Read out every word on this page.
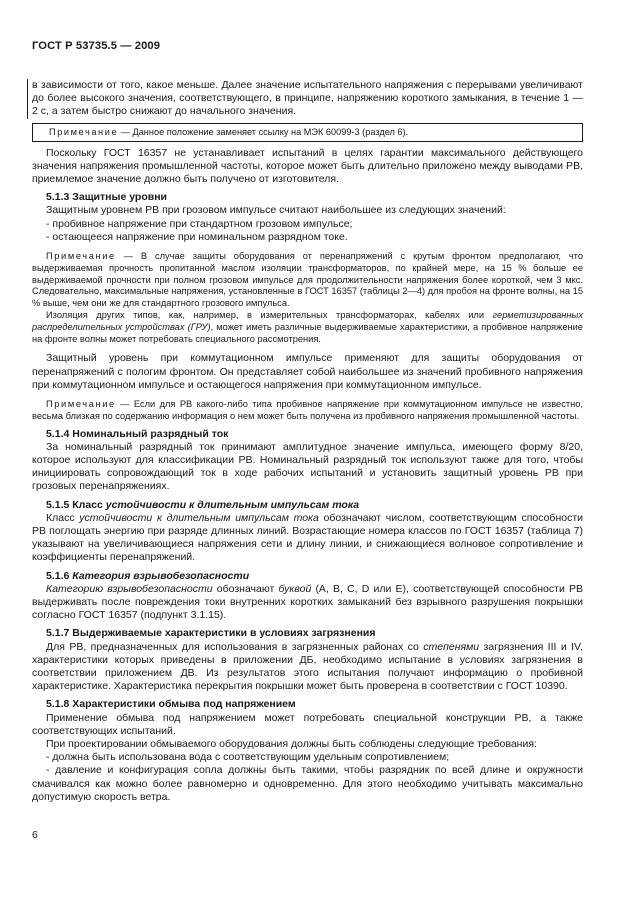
ГОСТ Р 53735.5 — 2009

в зависимости от того, какое меньше. Далее значение испытательного напряжения с перерывами увеличивают до более высокого значения, соответствующего, в принципе, напряжению короткого замыкания, в течение 1 — 2 с, а затем быстро снижают до начального значения.

Примечание — Данное положение заменяет ссылку на МЭК 60099-3 (раздел 6).

Поскольку ГОСТ 16357 не устанавливает испытаний в целях гарантии максимального действующего значения напряжения промышленной частоты, которое может быть длительно приложено между выводами РВ, приемлемое значение должно быть получено от изготовителя.

5.1.3 Защитные уровни

Защитным уровнем РВ при грозовом импульсе считают наибольшее из следующих значений:

- пробивное напряжение при стандартном грозовом импульсе;

- остающееся напряжение при номинальном разрядном токе.

Примечание — В случае защиты оборудования от перенапряжений с крутым фронтом предполагают, что выдерживаемая прочность пропитанной маслом изоляции трансформаторов, по крайней мере, на 15 % больше ее выдерживаемой прочности при полном грозовом импульсе для продолжительности напряжения более короткой, чем 3 мкс. Следовательно, максимальные напряжения, установленные в ГОСТ 16357 (таблицы 2—4) для пробоя на фронте волны, на 15 % выше, чем они же для стандартного грозового импульса.

Изоляция других типов, как, например, в измерительных трансформаторах, кабелях или герметизированных распределительных устройствах (ГРУ), может иметь различные выдерживаемые характеристики, а пробивное напряжение на фронте волны может потребовать специального рассмотрения.

Защитный уровень при коммутационном импульсе применяют для защиты оборудования от перенапряжений с пологим фронтом. Он представляет собой наибольшее из значений пробивного напряжения при коммутационном импульсе и остающегося напряжения при коммутационном импульсе.

Примечание — Если для РВ какого-либо типа пробивное напряжение при коммутационном импульсе не известно, весьма близкая по содержанию информация о нем может быть получена из пробивного напряжения промышленной частоты.

5.1.4 Номинальный разрядный ток

За номинальный разрядный ток принимают амплитудное значение импульса, имеющего форму 8/20, которое используют для классификации РВ. Номинальный разрядный ток используют также для того, чтобы инициировать сопровождающий ток в ходе рабочих испытаний и установить защитный уровень РВ при грозовых перенапряжениях.

5.1.5 Класс устойчивости к длительным импульсам тока

Класс устойчивости к длительным импульсам тока обозначают числом, соответствующим способности РВ поглощать энергию при разряде длинных линий. Возрастающие номера классов по ГОСТ 16357 (таблица 7) указывают на увеличивающиеся напряжения сети и длину линии, и снижающиеся волновое сопротивление и коэффициенты перенапряжений.

5.1.6 Категория взрывобезопасности

Категорию взрывобезопасности обозначают буквой (A, B, C, D или E), соответствующей способности РВ выдерживать после повреждения токи внутренних коротких замыканий без взрывного разрушения покрышки согласно ГОСТ 16357 (подпункт 3.1.15).

5.1.7 Выдерживаемые характеристики в условиях загрязнения

Для РВ, предназначенных для использования в загрязненных районах со степенями загрязнения III и IV, характеристики которых приведены в приложении ДБ, необходимо испытание в условиях загрязнения в соответствии приложением ДВ. Из результатов этого испытания получают информацию о пробивной характеристике. Характеристика перекрытия покрышки может быть проверена в соответствии с ГОСТ 10390.

5.1.8 Характеристики обмыва под напряжением

Применение обмыва под напряжением может потребовать специальной конструкции РВ, а также соответствующих испытаний.

При проектировании обмываемого оборудования должны быть соблюдены следующие требования:

- должна быть использована вода с соответствующим удельным сопротивлением;

- давление и конфигурация сопла должны быть такими, чтобы разрядник по всей длине и окружности смачивался как можно более равномерно и одновременно. Для этого необходимо учитывать максимально допустимую скорость ветра.

6
